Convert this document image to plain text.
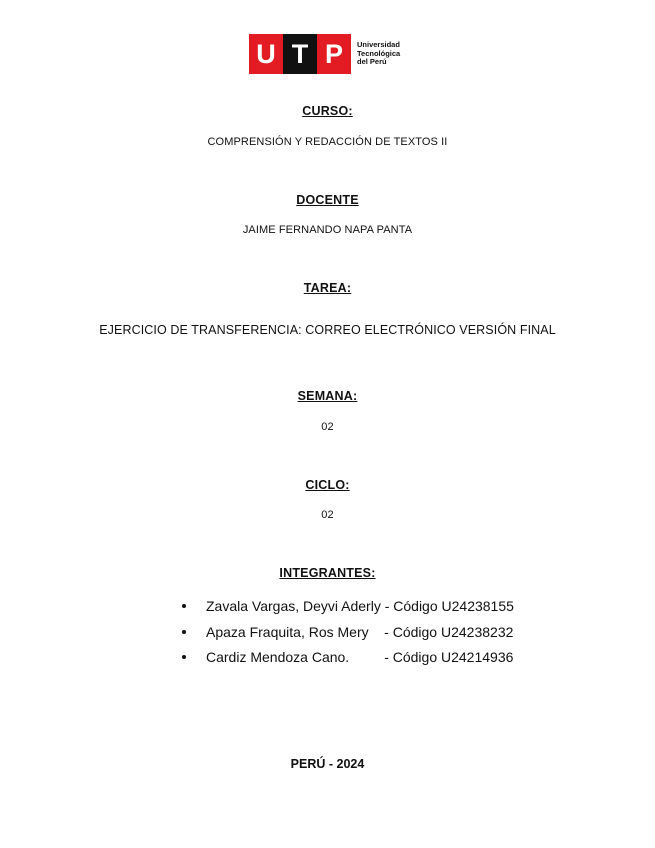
U T P	Universidad
Tecnológica
del Perú
CURSO:
COMPRENSIÓN Y REDACCIÓN DE TEXTOS II
DOCENTE
JAIME FERNANDO NAPA PANTA
TAREA:
EJERCICIO DE TRANSFERENCIA: CORREO ELECTRÓNICO VERSIÓN FINAL
SEMANA:
02
CICLO:
02
INTEGRANTES:
Zavala Vargas, Deyvi Aderly - Código U24238155
Apaza Fraquita, Ros Mery    - Código U24238232
Cardiz Mendoza Cano.         - Código U24214936
PERÚ - 2024
